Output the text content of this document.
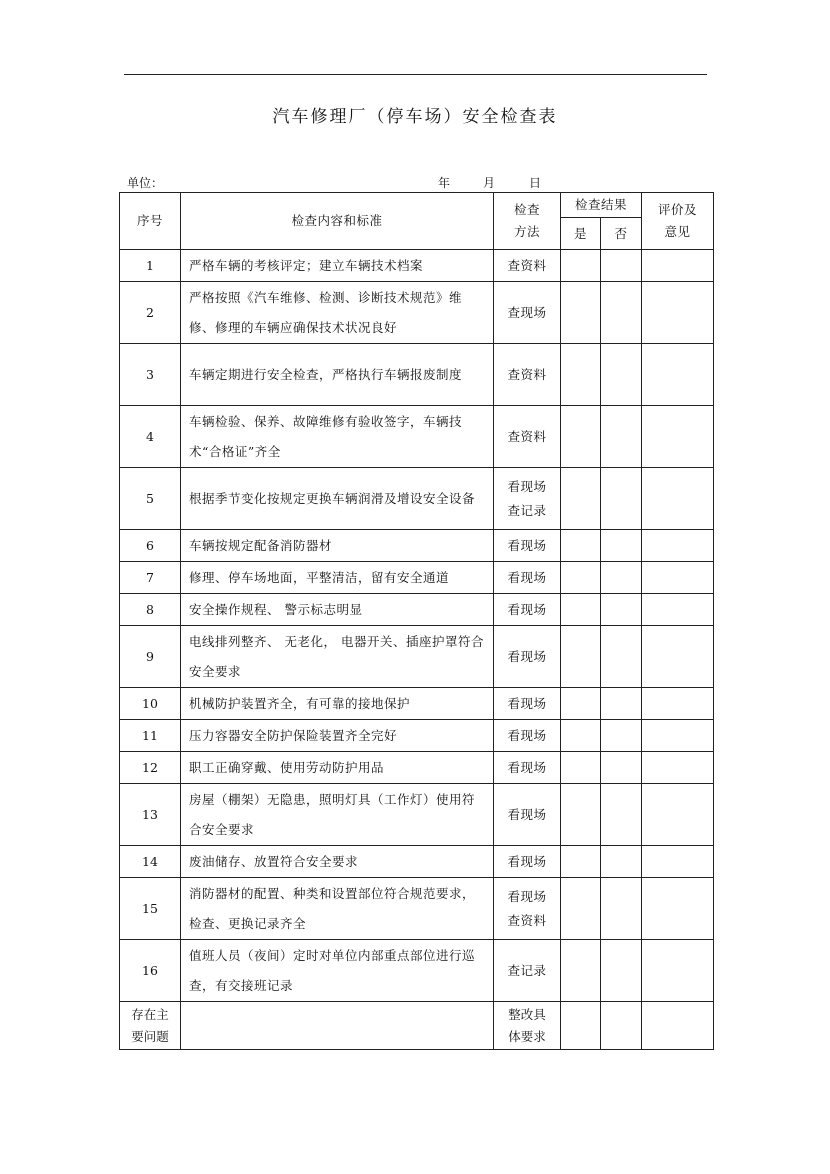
汽车修理厂（停车场）安全检查表
单位：	年	月	日
序号	检查内容和标准	检查方法	检查结果		评价及意见
			是	否	
1	严格车辆的考核评定；建立车辆技术档案	查资料			
2	严格按照《汽车维修、检测、诊断技术规范》维修、修理的车辆应确保技术状况良好	查现场			
3	车辆定期进行安全检查，严格执行车辆报废制度	查资料			
4	车辆检验、保养、故障维修有验收签字，车辆技术“合格证”齐全	查资料			
5	根据季节变化按规定更换车辆润滑及增设安全设备	看现场查记录			
6	车辆按规定配备消防器材	看现场			
7	修理、停车场地面，平整清洁，留有安全通道	看现场			
8	安全操作规程、 警示标志明显	看现场			
9	电线排列整齐、 无老化， 电器开关、插座护罩符合安全要求	看现场			
10	机械防护装置齐全，有可靠的接地保护	看现场			
11	压力容器安全防护保险装置齐全完好	看现场			
12	职工正确穿戴、使用劳动防护用品	看现场			
13	房屋（棚架）无隐患，照明灯具（工作灯）使用符合安全要求	看现场			
14	废油储存、放置符合安全要求	看现场			
15	消防器材的配置、种类和设置部位符合规范要求，检查、更换记录齐全	看现场查资料			
16	值班人员（夜间）定时对单位内部重点部位进行巡查，有交接班记录	查记录			
存在主要问题		整改具体要求			
